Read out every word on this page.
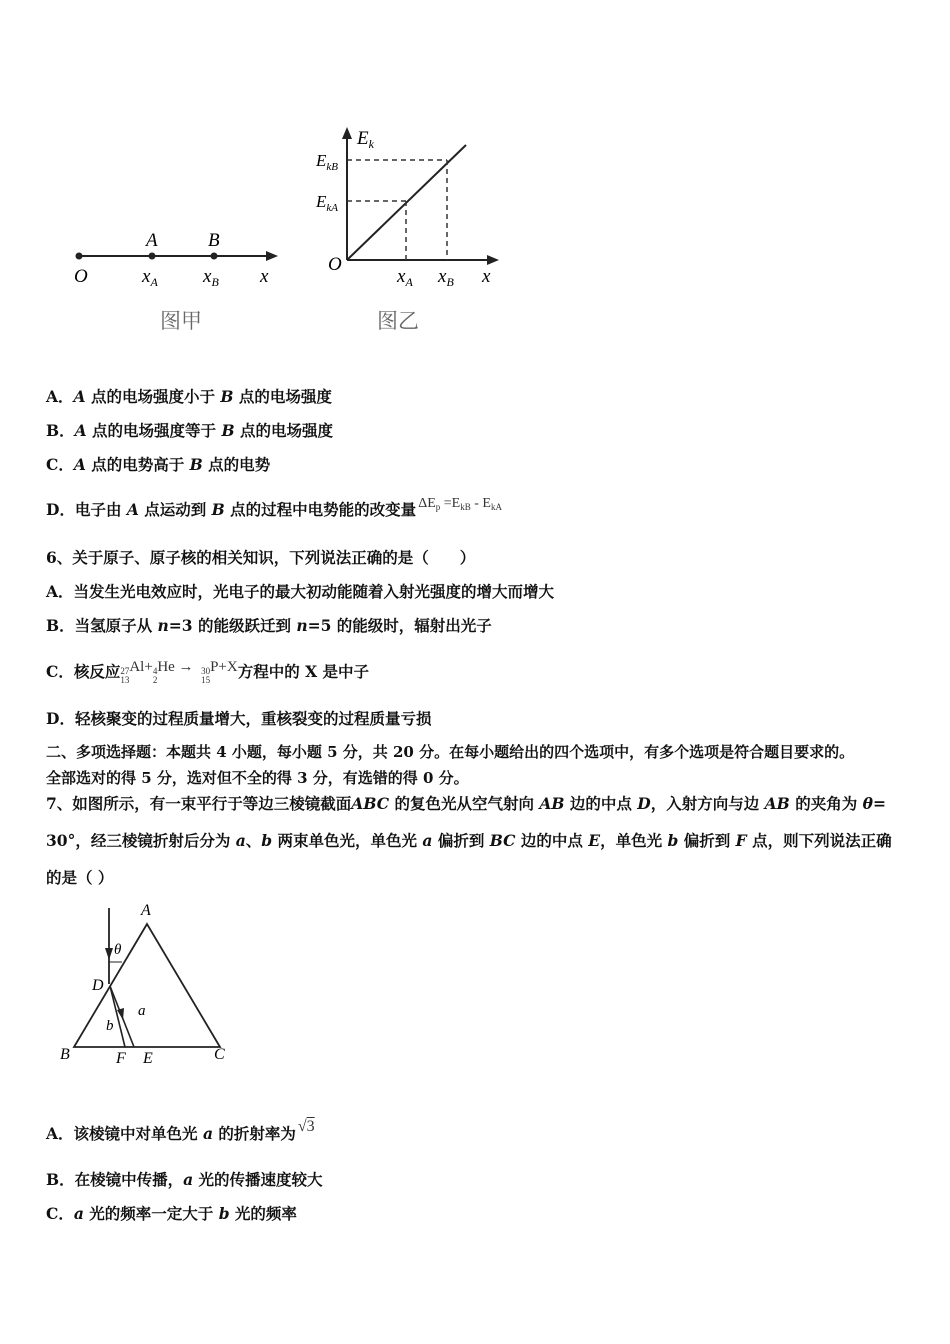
A	B
O	$x_A$ $x_B$ x
图甲
$E_k$
$E_{kB}$
$E_{kA}$
O
$x_A$ $x_B$ x
图乙
A．A 点的电场强度小于 B 点的电场强度
B．A 点的电场强度等于 B 点的电场强度
C．A 点的电势高于 B 点的电势
D．电子由 A 点运动到 B 点的过程中电势能的改变量 $\Delta E_p =E_{kB} - E_{kA}$
6、关于原子、原子核的相关知识，下列说法正确的是（　　）
A．当发生光电效应时，光电子的最大初动能随着入射光强度的增大而增大
B．当氢原子从 n=3 的能级跃迁到 n=5 的能级时，辐射出光子
C．核反应 27
13
Al+ 4
2
He → 30
15
P+X方程中的 X 是中子
D．轻核聚变的过程质量增大，重核裂变的过程质量亏损
二、多项选择题：本题共 4 小题，每小题 5 分，共 20 分。在每小题给出的四个选项中，有多个选项是符合题目要求的。
全部选对的得 5 分，选对但不全的得 3 分，有选错的得 0 分。
7、如图所示，有一束平行于等边三棱镜截面ABC 的复色光从空气射向 AB 边的中点 D，入射方向与边 AB 的夹角为 θ=
30°，经三棱镜折射后分为 a、b 两束单色光，单色光 a 偏折到 BC 边的中点 E，单色光 b 偏折到 F 点，则下列说法正确
的是（ ）
A
θ
D
a
b
B	F E	C
A．该棱镜中对单色光 a 的折射率为 √3
B．在棱镜中传播，a 光的传播速度较大
C．a 光的频率一定大于 b 光的频率
